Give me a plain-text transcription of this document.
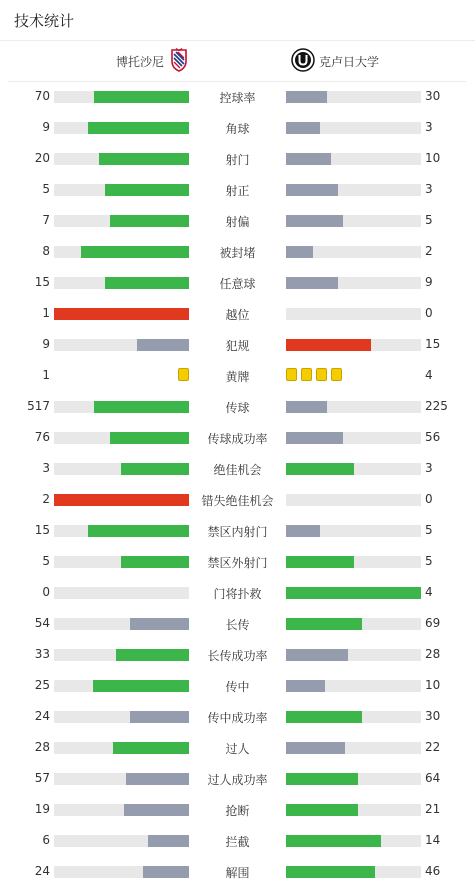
技术统计
博托沙尼	克卢日大学
70	控球率	30
9	角球	3
20	射门	10
5	射正	3
7	射偏	5
8	被封堵	2
15	任意球	9
1	越位	0
9	犯规	15
1	黄牌	4
517	传球	225
76	传球成功率	56
3	绝佳机会	3
2	错失绝佳机会	0
15	禁区内射门	5
5	禁区外射门	5
0	门将扑救	4
54	长传	69
33	长传成功率	28
25	传中	10
24	传中成功率	30
28	过人	22
57	过人成功率	64
19	抢断	21
6	拦截	14
24	解围	46
